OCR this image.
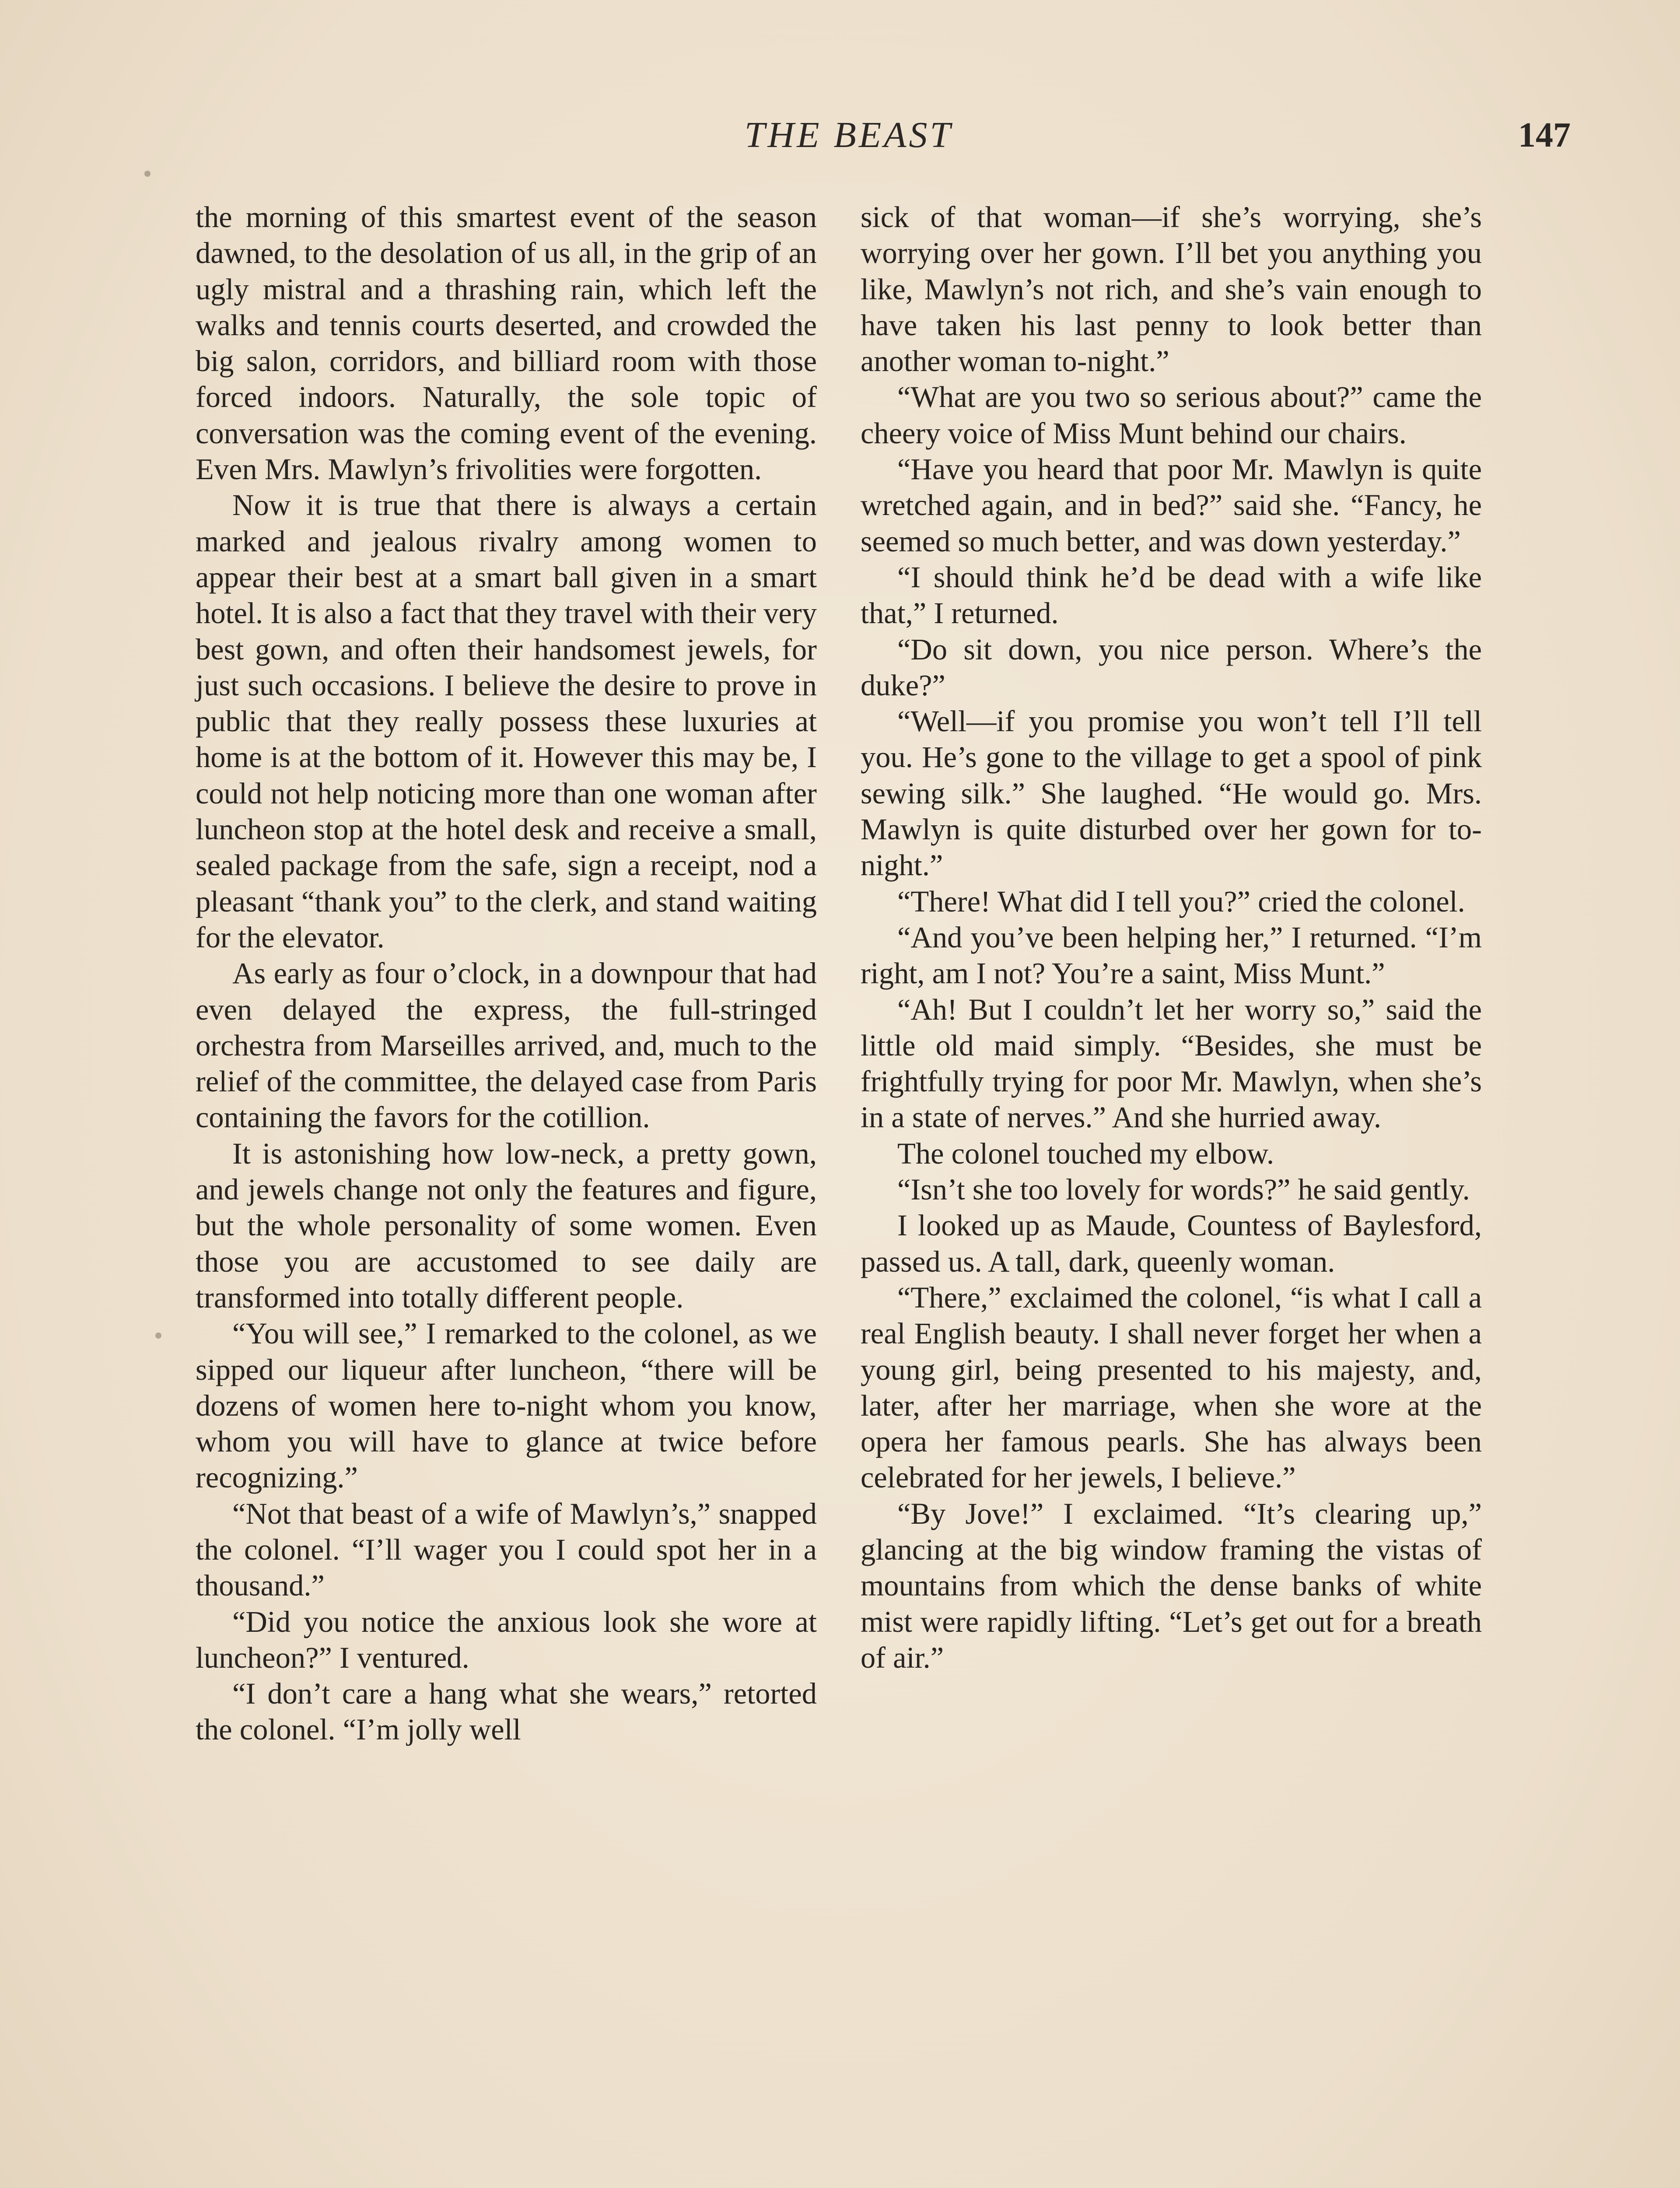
THE BEAST	147

the morning of this smartest event of the season dawned, to the desolation of us all, in the grip of an ugly mistral and a thrashing rain, which left the walks and tennis courts deserted, and crowded the big salon, corridors, and billiard room with those forced indoors. Naturally, the sole topic of conversation was the coming event of the evening. Even Mrs. Mawlyn’s frivolities were forgotten.

Now it is true that there is always a certain marked and jealous rivalry among women to appear their best at a smart ball given in a smart hotel. It is also a fact that they travel with their very best gown, and often their handsomest jewels, for just such occasions. I believe the desire to prove in public that they really possess these luxuries at home is at the bottom of it. However this may be, I could not help noticing more than one woman after luncheon stop at the hotel desk and receive a small, sealed package from the safe, sign a receipt, nod a pleasant “thank you” to the clerk, and stand waiting for the elevator.

As early as four o’clock, in a downpour that had even delayed the express, the full-stringed orchestra from Marseilles arrived, and, much to the relief of the committee, the delayed case from Paris containing the favors for the cotillion.

It is astonishing how low-neck, a pretty gown, and jewels change not only the features and figure, but the whole personality of some women. Even those you are accustomed to see daily are transformed into totally different people.

“You will see,” I remarked to the colonel, as we sipped our liqueur after luncheon, “there will be dozens of women here to-night whom you know, whom you will have to glance at twice before recognizing.”

“Not that beast of a wife of Mawlyn’s,” snapped the colonel. “I’ll wager you I could spot her in a thousand.”

“Did you notice the anxious look she wore at luncheon?” I ventured.

“I don’t care a hang what she wears,” retorted the colonel. “I’m jolly well

sick of that woman—if she’s worrying, she’s worrying over her gown. I’ll bet you anything you like, Mawlyn’s not rich, and she’s vain enough to have taken his last penny to look better than another woman to-night.”

“What are you two so serious about?” came the cheery voice of Miss Munt behind our chairs.

“Have you heard that poor Mr. Mawlyn is quite wretched again, and in bed?” said she. “Fancy, he seemed so much better, and was down yesterday.”

“I should think he’d be dead with a wife like that,” I returned.

“Do sit down, you nice person. Where’s the duke?”

“Well—if you promise you won’t tell I’ll tell you. He’s gone to the village to get a spool of pink sewing silk.” She laughed. “He would go. Mrs. Mawlyn is quite disturbed over her gown for to-night.”

“There! What did I tell you?” cried the colonel.

“And you’ve been helping her,” I returned. “I’m right, am I not? You’re a saint, Miss Munt.”

“Ah! But I couldn’t let her worry so,” said the little old maid simply. “Besides, she must be frightfully trying for poor Mr. Mawlyn, when she’s in a state of nerves.” And she hurried away.

The colonel touched my elbow.

“Isn’t she too lovely for words?” he said gently.

I looked up as Maude, Countess of Baylesford, passed us. A tall, dark, queenly woman.

“There,” exclaimed the colonel, “is what I call a real English beauty. I shall never forget her when a young girl, being presented to his majesty, and, later, after her marriage, when she wore at the opera her famous pearls. She has always been celebrated for her jewels, I believe.”

“By Jove!” I exclaimed. “It’s clearing up,” glancing at the big window framing the vistas of mountains from which the dense banks of white mist were rapidly lifting. “Let’s get out for a breath of air.”
